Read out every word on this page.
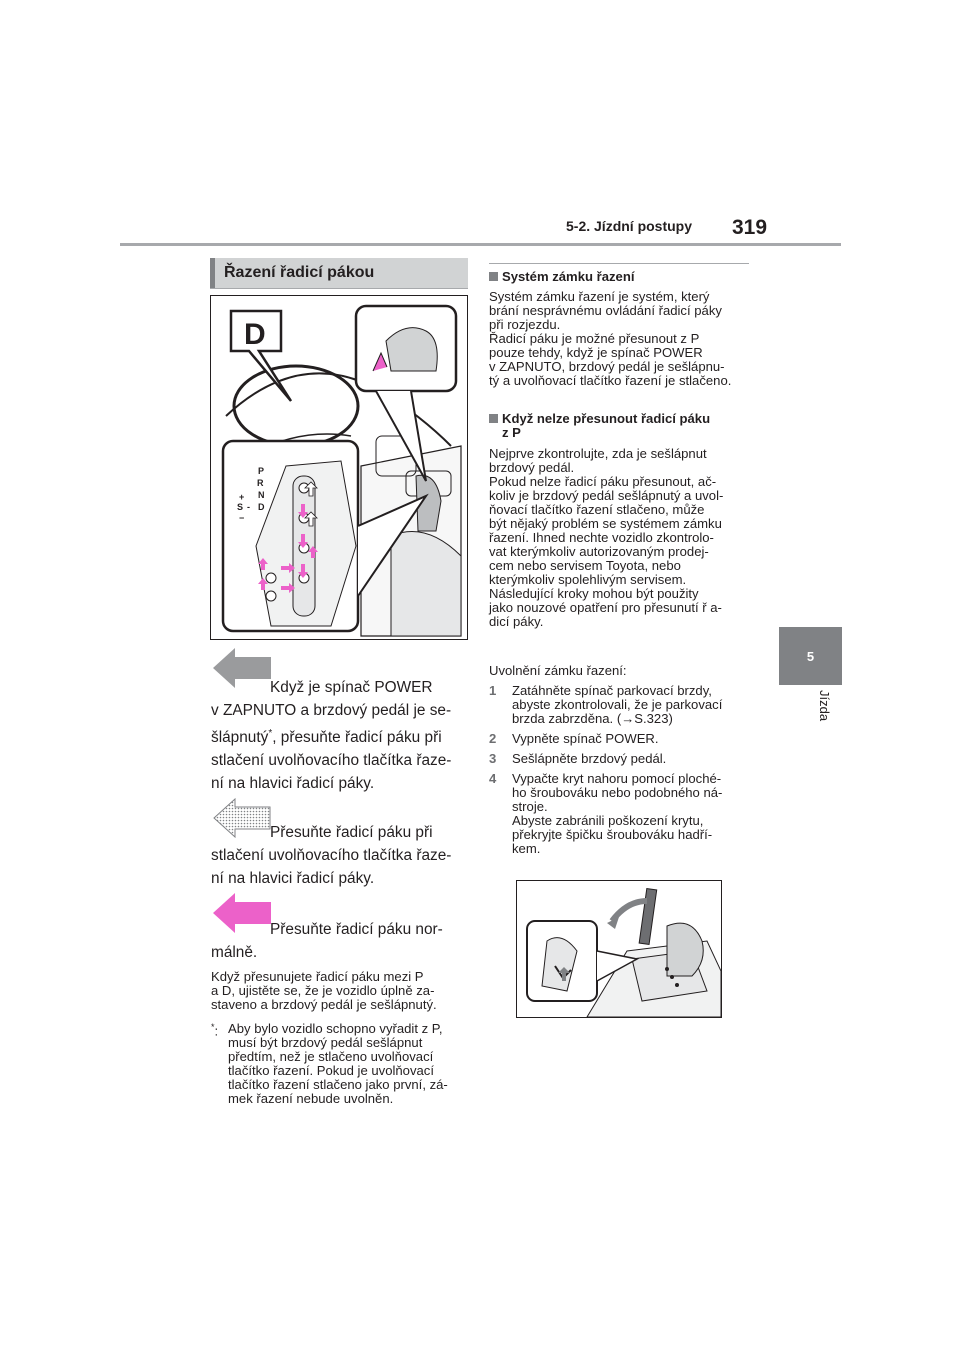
5-2. Jízdní postupy 319
5
Jízda
Řazení řadicí pákou
D
P
R
N
D
S
+
−
-
Když je spínač POWER
v ZAPNUTO a brzdový pedál je se-
šlápnutý*, přesuňte řadicí páku při
stlačení uvolňovacího tlačítka řaze-
ní na hlavici řadicí páky.
Přesuňte řadicí páku při
stlačení uvolňovacího tlačítka řaze-
ní na hlavici řadicí páky.
Přesuňte řadicí páku nor-
málně.
Když přesunujete řadicí páku mezi P
a D, ujistěte se, že je vozidlo úplně za-
staveno a brzdový pedál je sešlápnutý.
*: Aby bylo vozidlo schopno vyřadit z P,
musí být brzdový pedál sešlápnut
předtím, než je stlačeno uvolňovací
tlačítko řazení. Pokud je uvolňovací
tlačítko řazení stlačeno jako první, zá-
mek řazení nebude uvolněn.
Systém zámku řazení
Systém zámku řazení je systém, který
brání nesprávnému ovládání řadicí páky
při rozjezdu.
Řadicí páku je možné přesunout z P
pouze tehdy, když je spínač POWER
v ZAPNUTO, brzdový pedál je sešlápnu-
tý a uvolňovací tlačítko řazení je stlačeno.
Když nelze přesunout řadicí páku
z P
Nejprve zkontrolujte, zda je sešlápnut
brzdový pedál.
Pokud nelze řadicí páku přesunout, ač-
koliv je brzdový pedál sešlápnutý a uvol-
ňovací tlačítko řazení stlačeno, může
být nějaký problém se systémem zámku
řazení. Ihned nechte vozidlo zkontrolo-
vat kterýmkoliv autorizovaným prodej-
cem nebo servisem Toyota, nebo
kterýmkoliv spolehlivým servisem.
Následující kroky mohou být použity
jako nouzové opatření pro přesunutí ř a-
dicí páky.
Uvolnění zámku řazení:
1 Zatáhněte spínač parkovací brzdy,
abyste zkontrolovali, že je parkovací
brzda zabrzděna. (→S.323)
2 Vypněte spínač POWER.
3 Sešlápněte brzdový pedál.
4 Vypačte kryt nahoru pomocí ploché-
ho šroubováku nebo podobného ná-
stroje.
Abyste zabránili poškození krytu,
překryjte špičku šroubováku hadří-
kem.
